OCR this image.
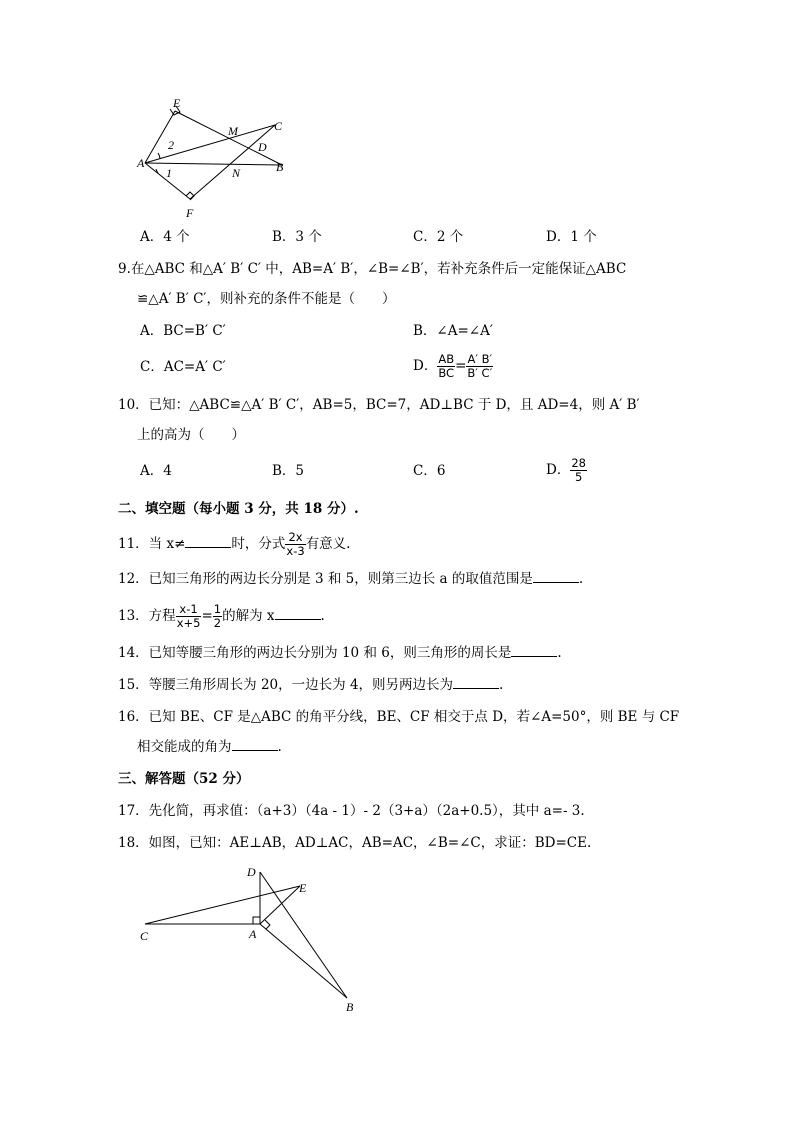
E
M	C
2	D
A	B
1	N
F
A．4 个	B．3 个	C．2 个	D．1 个
9.在△ABC 和△A′ B′ C′ 中，AB=A′ B′，∠B=∠B′，若补充条件后一定能保证△ABC
≌△A′ B′ C′，则补充的条件不能是（　　）
A．BC=B′ C′	B．∠A=∠A′
C．AC=A′ C′	D． $\frac{AB}{BC} = \frac{A' B'}{B' C'}$
10．已知：△ABC≌△A′ B′ C′，AB=5，BC=7，AD⊥BC 于 D，且 AD=4，则 A′ B′
上的高为（　　）
A．4	B．5	C．6	D． $\frac{28}{5}$
二、填空题（每小题 3 分，共 18 分）.
11．当 x≠	时，分式 $\frac{2x}{x-3}$ 有意义.
12．已知三角形的两边长分别是 3 和 5，则第三边长 a 的取值范围是	.
13．方程 $\frac{x-1}{x+5} = \frac{1}{2}$ 的解为 x	.
14．已知等腰三角形的两边长分别为 10 和 6，则三角形的周长是	.
15．等腰三角形周长为 20，一边长为 4，则另两边长为	.
16．已知 BE、CF 是△ABC 的角平分线，BE、CF 相交于点 D，若∠A=50°，则 BE 与 CF
相交能成的角为	.
三、解答题（52 分）
17．先化简，再求值：（a+3）（4a - 1）- 2（3+a）（2a+0.5），其中 a=- 3.
18．如图，已知：AE⊥AB，AD⊥AC，AB=AC，∠B=∠C，求证：BD=CE.
D
E
C	A
B
